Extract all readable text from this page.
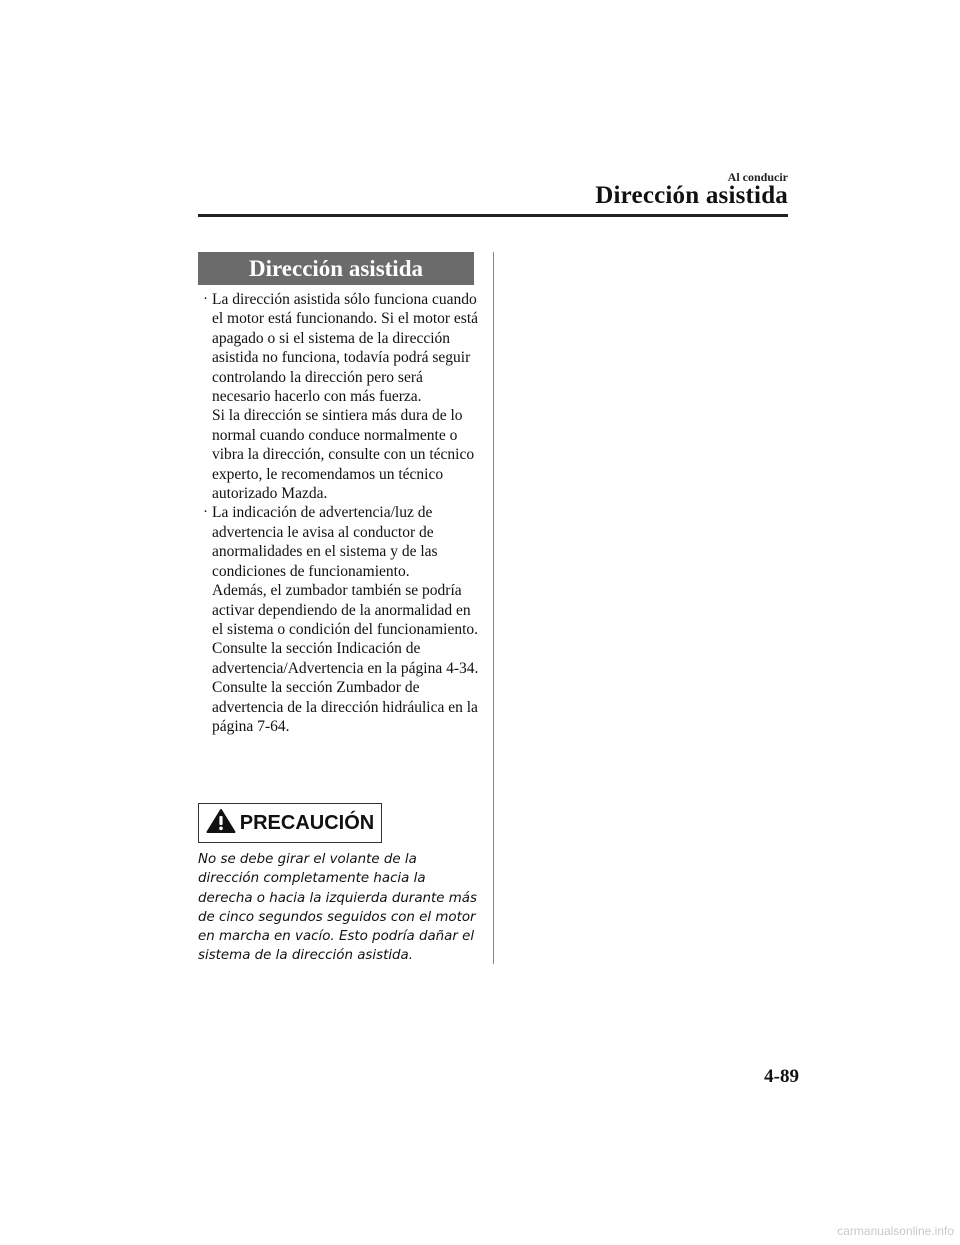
Al conducir
Dirección asistida
Dirección asistida
· La dirección asistida sólo funciona cuando el motor está funcionando. Si el motor está apagado o si el sistema de la dirección asistida no funciona, todavía podrá seguir controlando la dirección pero será necesario hacerlo con más fuerza.

Si la dirección se sintiera más dura de lo normal cuando conduce normalmente o vibra la dirección, consulte con un técnico experto, le recomendamos un técnico autorizado Mazda.

· La indicación de advertencia/luz de advertencia le avisa al conductor de anormalidades en el sistema y de las condiciones de funcionamiento.

Además, el zumbador también se podría activar dependiendo de la anormalidad en el sistema o condición del funcionamiento.

Consulte la sección Indicación de advertencia/Advertencia en la página 4-34.

Consulte la sección Zumbador de advertencia de la dirección hidráulica en la página 7-64.

PRECAUCIÓN

No se debe girar el volante de la dirección completamente hacia la derecha o hacia la izquierda durante más de cinco segundos seguidos con el motor en marcha en vacío. Esto podría dañar el sistema de la dirección asistida.

4-89
carmanualsonline.info
